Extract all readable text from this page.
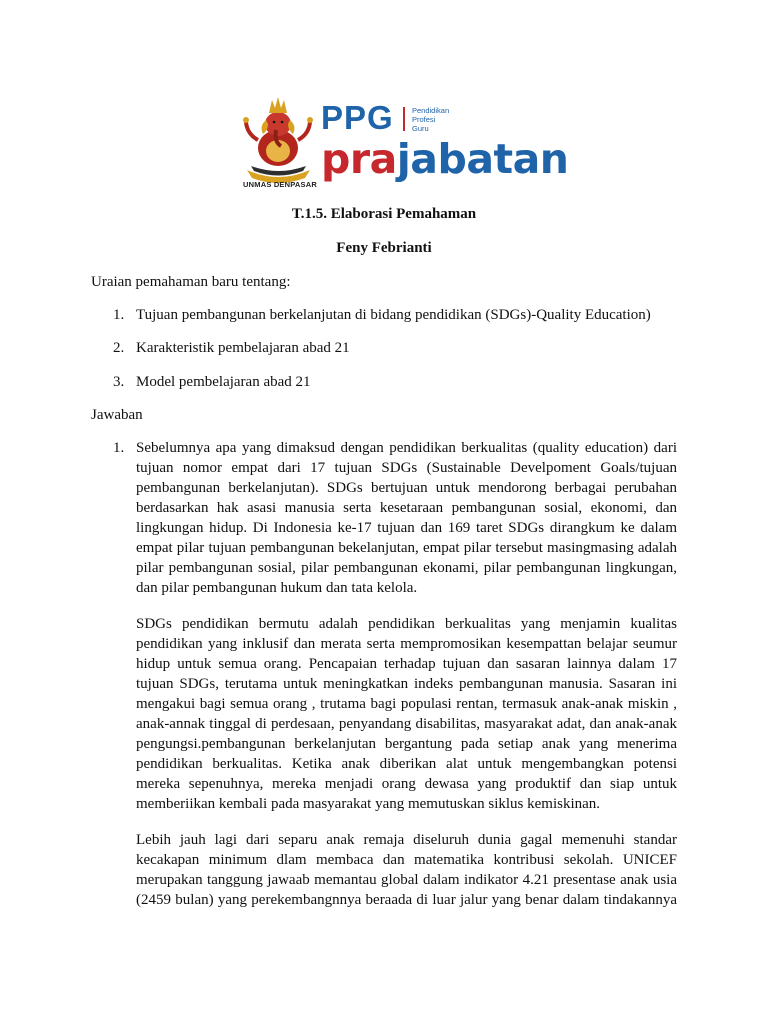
UNMAS DENPASAR
PPG Pendidikan
Profesi
Guru
prajabatan
T.1.5. Elaborasi Pemahaman
Feny Febrianti
Uraian pemahaman baru tentang:
1. Tujuan pembangunan berkelanjutan di bidang pendidikan (SDGs)-Quality Education)
2. Karakteristik pembelajaran abad 21
3. Model pembelajaran abad 21
Jawaban
1. Sebelumnya apa yang dimaksud dengan pendidikan berkualitas (quality education) dari
tujuan nomor empat dari 17 tujuan SDGs (Sustainable Develpoment Goals/tujuan
pembangunan berkelanjutan). SDGs bertujuan untuk mendorong berbagai perubahan
berdasarkan hak asasi manusia serta kesetaraan pembangunan sosial, ekonomi, dan
lingkungan hidup. Di Indonesia ke-17 tujuan dan 169 taret SDGs dirangkum ke dalam
empat pilar tujuan pembangunan bekelanjutan, empat pilar tersebut masingmasing adalah
pilar pembangunan sosial, pilar pembangunan ekonami, pilar pembangunan lingkungan,
dan pilar pembangunan hukum dan tata kelola.
SDGs pendidikan bermutu adalah pendidikan berkualitas yang menjamin kualitas
pendidikan yang inklusif dan merata serta mempromosikan kesempattan belajar seumur
hidup untuk semua orang. Pencapaian terhadap tujuan dan sasaran lainnya dalam 17
tujuan SDGs, terutama untuk meningkatkan indeks pembangunan manusia. Sasaran ini
mengakui bagi semua orang , trutama bagi populasi rentan, termasuk anak-anak miskin ,
anak-annak tinggal di perdesaan, penyandang disabilitas, masyarakat adat, dan anak-anak
pengungsi.pembangunan berkelanjutan bergantung pada setiap anak yang menerima
pendidikan berkualitas. Ketika anak diberikan alat untuk mengembangkan potensi
mereka sepenuhnya, mereka menjadi orang dewasa yang produktif dan siap untuk
memberiikan kembali pada masyarakat yang memutuskan siklus kemiskinan.
Lebih jauh lagi dari separu anak remaja diseluruh dunia gagal memenuhi standar
kecakapan minimum dlam membaca dan matematika kontribusi sekolah. UNICEF
merupakan tanggung jawaab memantau global dalam indikator 4.21 presentase anak usia
(2459 bulan) yang perekembangnnya beraada di luar jalur yang benar dalam tindakannya
